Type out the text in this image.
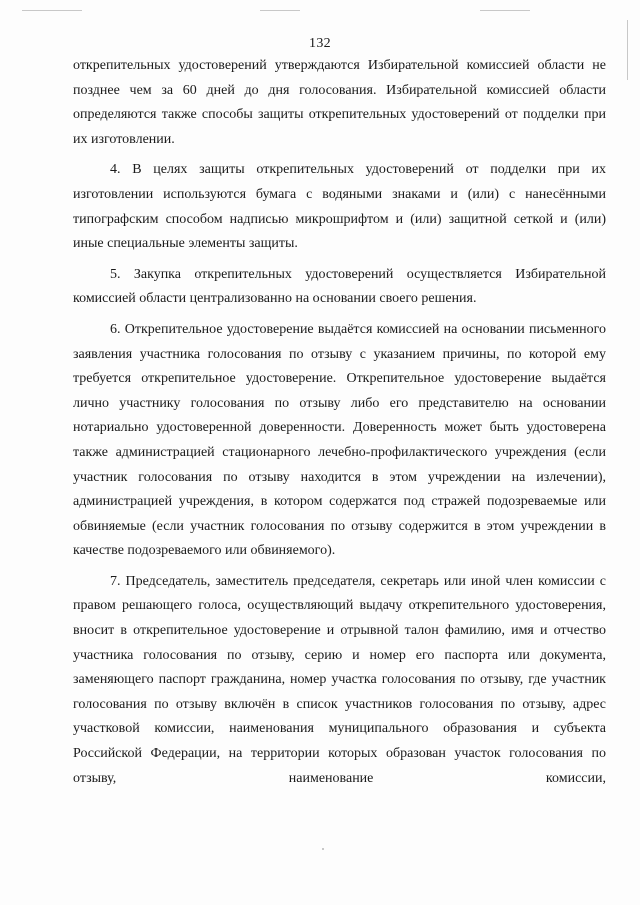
132

открепительных удостоверений утверждаются Избирательной комиссией области не позднее чем за 60 дней до дня голосования. Избирательной комиссией области определяются также способы защиты открепительных удостоверений от подделки при их изготовлении.

4. В целях защиты открепительных удостоверений от подделки при их изготовлении используются бумага с водяными знаками и (или) с нанесёнными типографским способом надписью микрошрифтом и (или) защитной сеткой и (или) иные специальные элементы защиты.

5. Закупка открепительных удостоверений осуществляется Избирательной комиссией области централизованно на основании своего решения.

6. Открепительное удостоверение выдаётся комиссией на основании письменного заявления участника голосования по отзыву с указанием причины, по которой ему требуется открепительное удостоверение. Открепительное удостоверение выдаётся лично участнику голосования по отзыву либо его представителю на основании нотариально удостоверенной доверенности. Доверенность может быть удостоверена также администрацией стационарного лечебно-профилактического учреждения (если участник голосования по отзыву находится в этом учреждении на излечении), администрацией учреждения, в котором содержатся под стражей подозреваемые или обвиняемые (если участник голосования по отзыву содержится в этом учреждении в качестве подозреваемого или обвиняемого).

7. Председатель, заместитель председателя, секретарь или иной член комиссии с правом решающего голоса, осуществляющий выдачу открепительного удостоверения, вносит в открепительное удостоверение и отрывной талон фамилию, имя и отчество участника голосования по отзыву, серию и номер его паспорта или документа, заменяющего паспорт гражданина, номер участка голосования по отзыву, где участник голосования по отзыву включён в список участников голосования по отзыву, адрес участковой комиссии, наименования муниципального образования и субъекта Российской Федерации, на территории которых образован участок голосования по отзыву, наименование комиссии,
